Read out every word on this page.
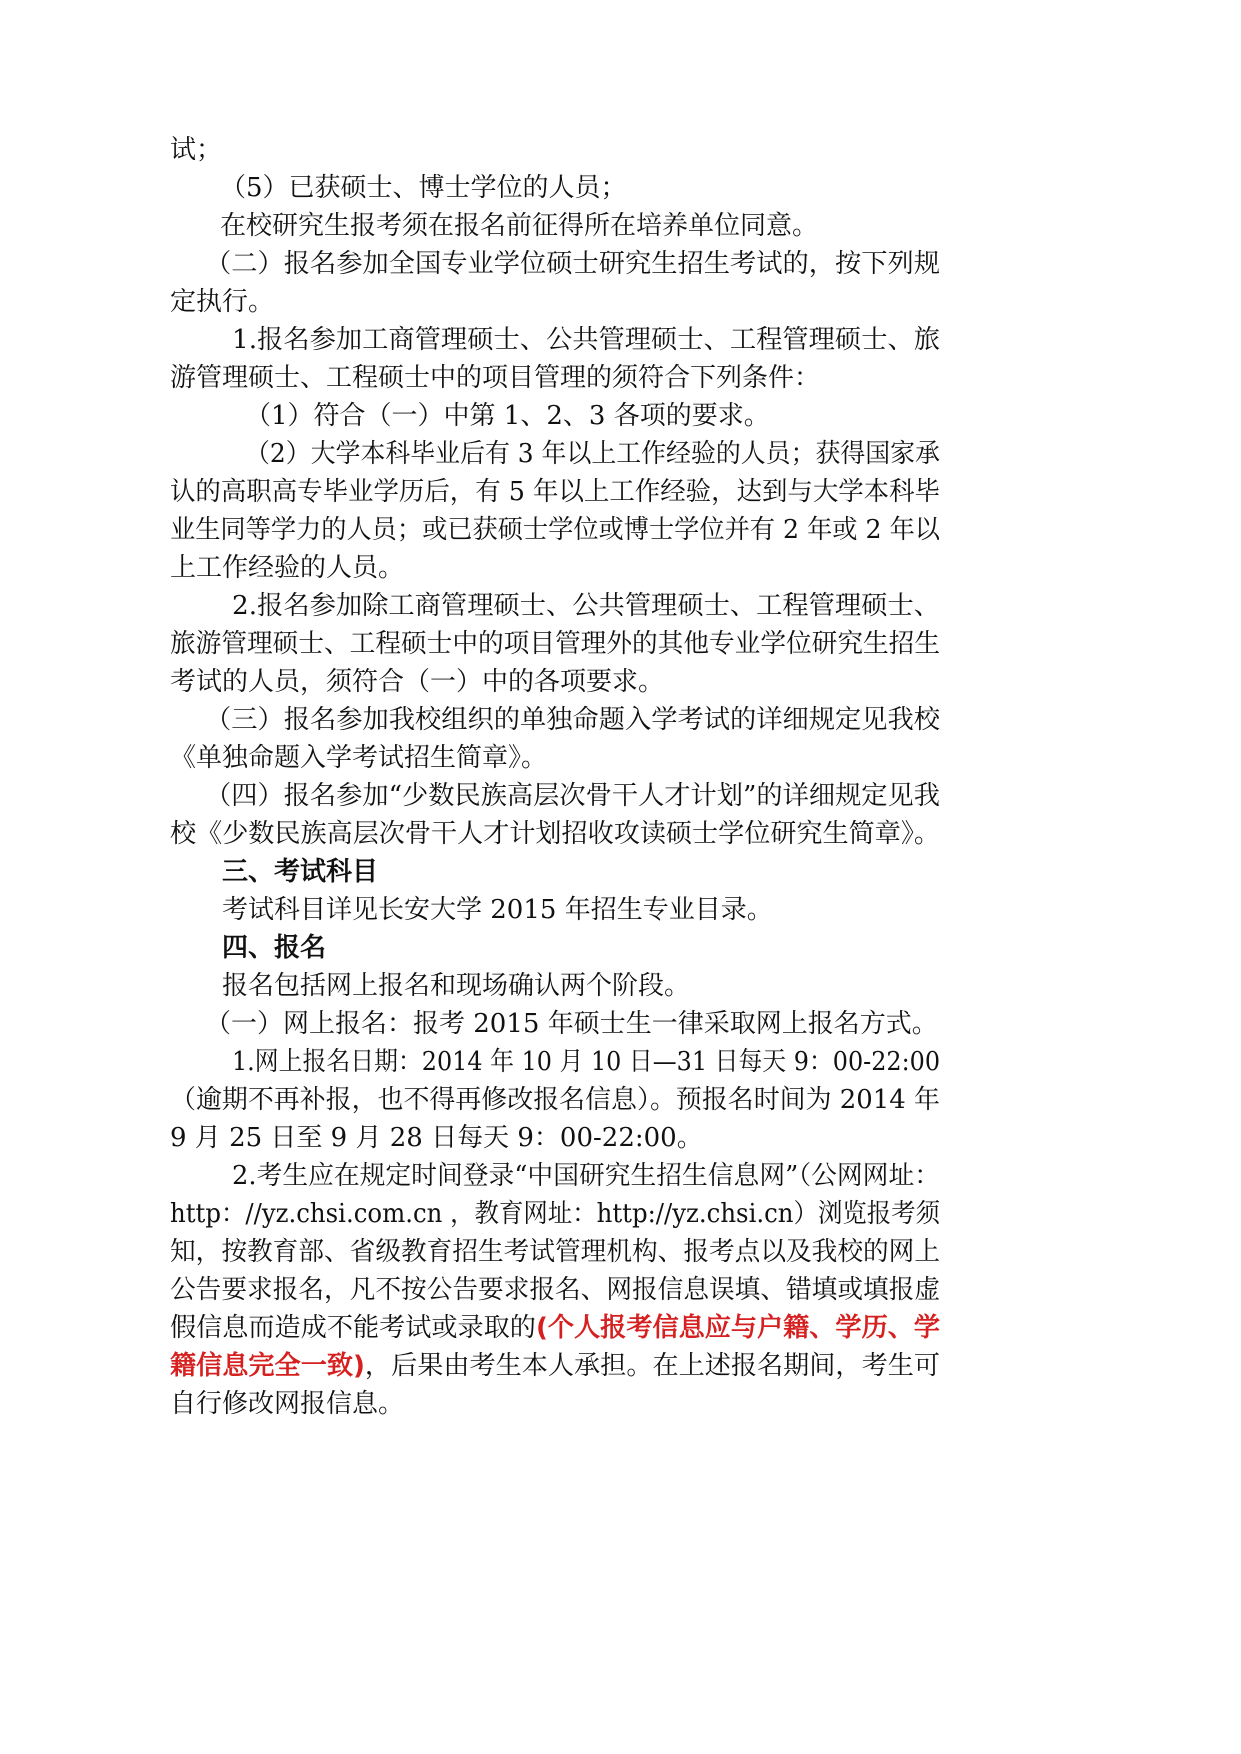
试；
（5）已获硕士、博士学位的人员；
在校研究生报考须在报名前征得所在培养单位同意。
（二）报名参加全国专业学位硕士研究生招生考试的，按下列规
定执行。
1.报名参加工商管理硕士、公共管理硕士、工程管理硕士、旅
游管理硕士、工程硕士中的项目管理的须符合下列条件：
（1）符合（一）中第 1、2、3 各项的要求。
（2）大学本科毕业后有 3 年以上工作经验的人员；获得国家承
认的高职高专毕业学历后，有 5 年以上工作经验，达到与大学本科毕
业生同等学力的人员；或已获硕士学位或博士学位并有 2 年或 2 年以
上工作经验的人员。
2.报名参加除工商管理硕士、公共管理硕士、工程管理硕士、
旅游管理硕士、工程硕士中的项目管理外的其他专业学位研究生招生
考试的人员，须符合（一）中的各项要求。
（三）报名参加我校组织的单独命题入学考试的详细规定见我校
《单独命题入学考试招生简章》。
（四）报名参加“少数民族高层次骨干人才计划”的详细规定见我
校《少数民族高层次骨干人才计划招收攻读硕士学位研究生简章》。
三、考试科目
考试科目详见长安大学 2015 年招生专业目录。
四、报名
报名包括网上报名和现场确认两个阶段。
（一）网上报名：报考 2015 年硕士生一律采取网上报名方式。
1.网上报名日期：2014 年 10 月 10 日—31 日每天 9：00-22:00
（逾期不再补报，也不得再修改报名信息）。预报名时间为 2014 年
9 月 25 日至 9 月 28 日每天 9：00-22:00。
2.考生应在规定时间登录“中国研究生招生信息网”（公网网址：
http：//yz.chsi.com.cn ，教育网址：http://yz.chsi.cn）浏览报考须
知，按教育部、省级教育招生考试管理机构、报考点以及我校的网上
公告要求报名，凡不按公告要求报名、网报信息误填、错填或填报虚
假信息而造成不能考试或录取的(个人报考信息应与户籍、学历、学
籍信息完全一致)，后果由考生本人承担。在上述报名期间，考生可
自行修改网报信息。
